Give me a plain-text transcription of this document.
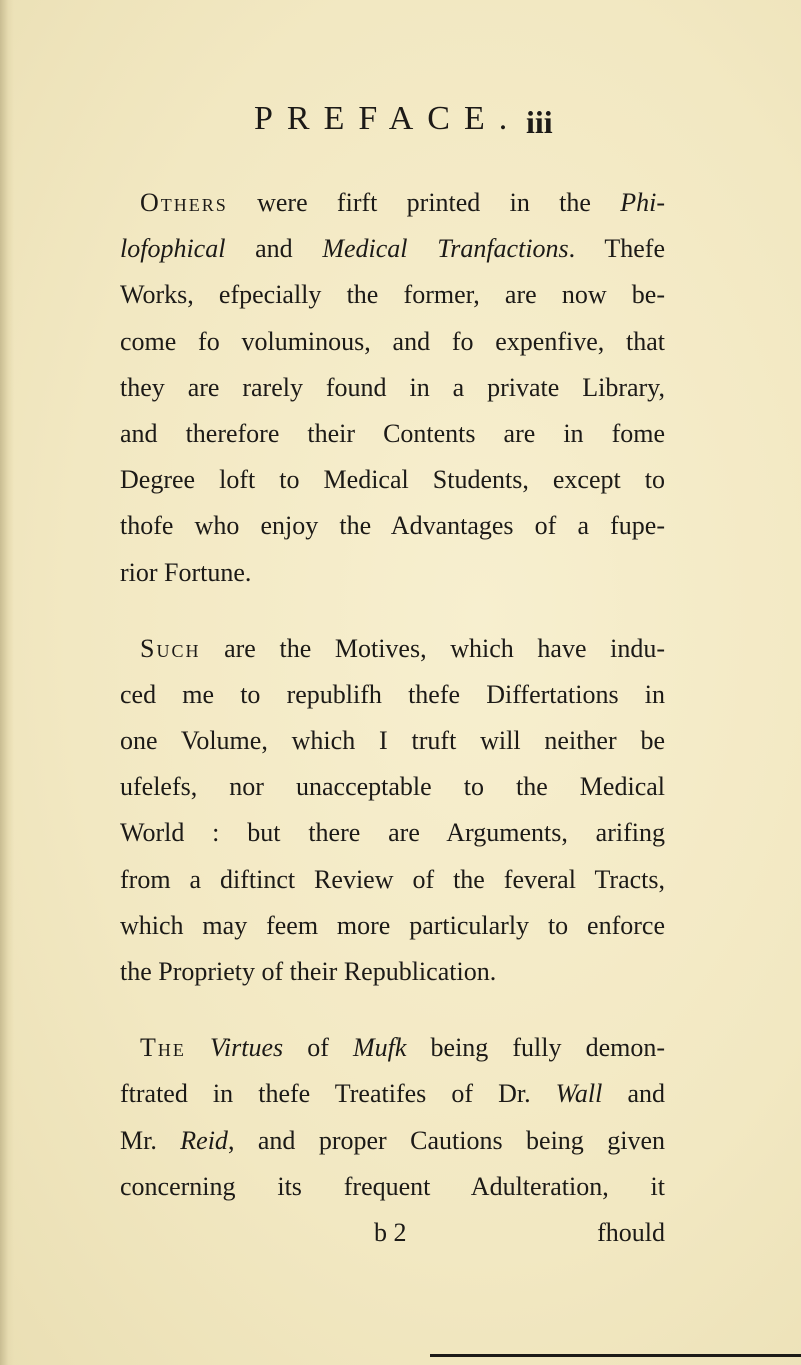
PREFACE. iii
Others were firft printed in the Phi-
lofophical and Medical Tranfactions. Thefe
Works, efpecially the former, are now be-
come fo voluminous, and fo expenfive, that
they are rarely found in a private Library,
and therefore their Contents are in fome
Degree loft to Medical Students, except to
thofe who enjoy the Advantages of a fupe-
rior Fortune.
Such are the Motives, which have indu-
ced me to republifh thefe Differtations in
one Volume, which I truft will neither be
ufelefs, nor unacceptable to the Medical
World : but there are Arguments, arifing
from a diftinct Review of the feveral Tracts,
which may feem more particularly to enforce
the Propriety of their Republication.
The Virtues of Mufk being fully demon-
ftrated in thefe Treatifes of Dr. Wall and
Mr. Reid, and proper Cautions being given
concerning its frequent Adulteration, it
b 2	fhould
